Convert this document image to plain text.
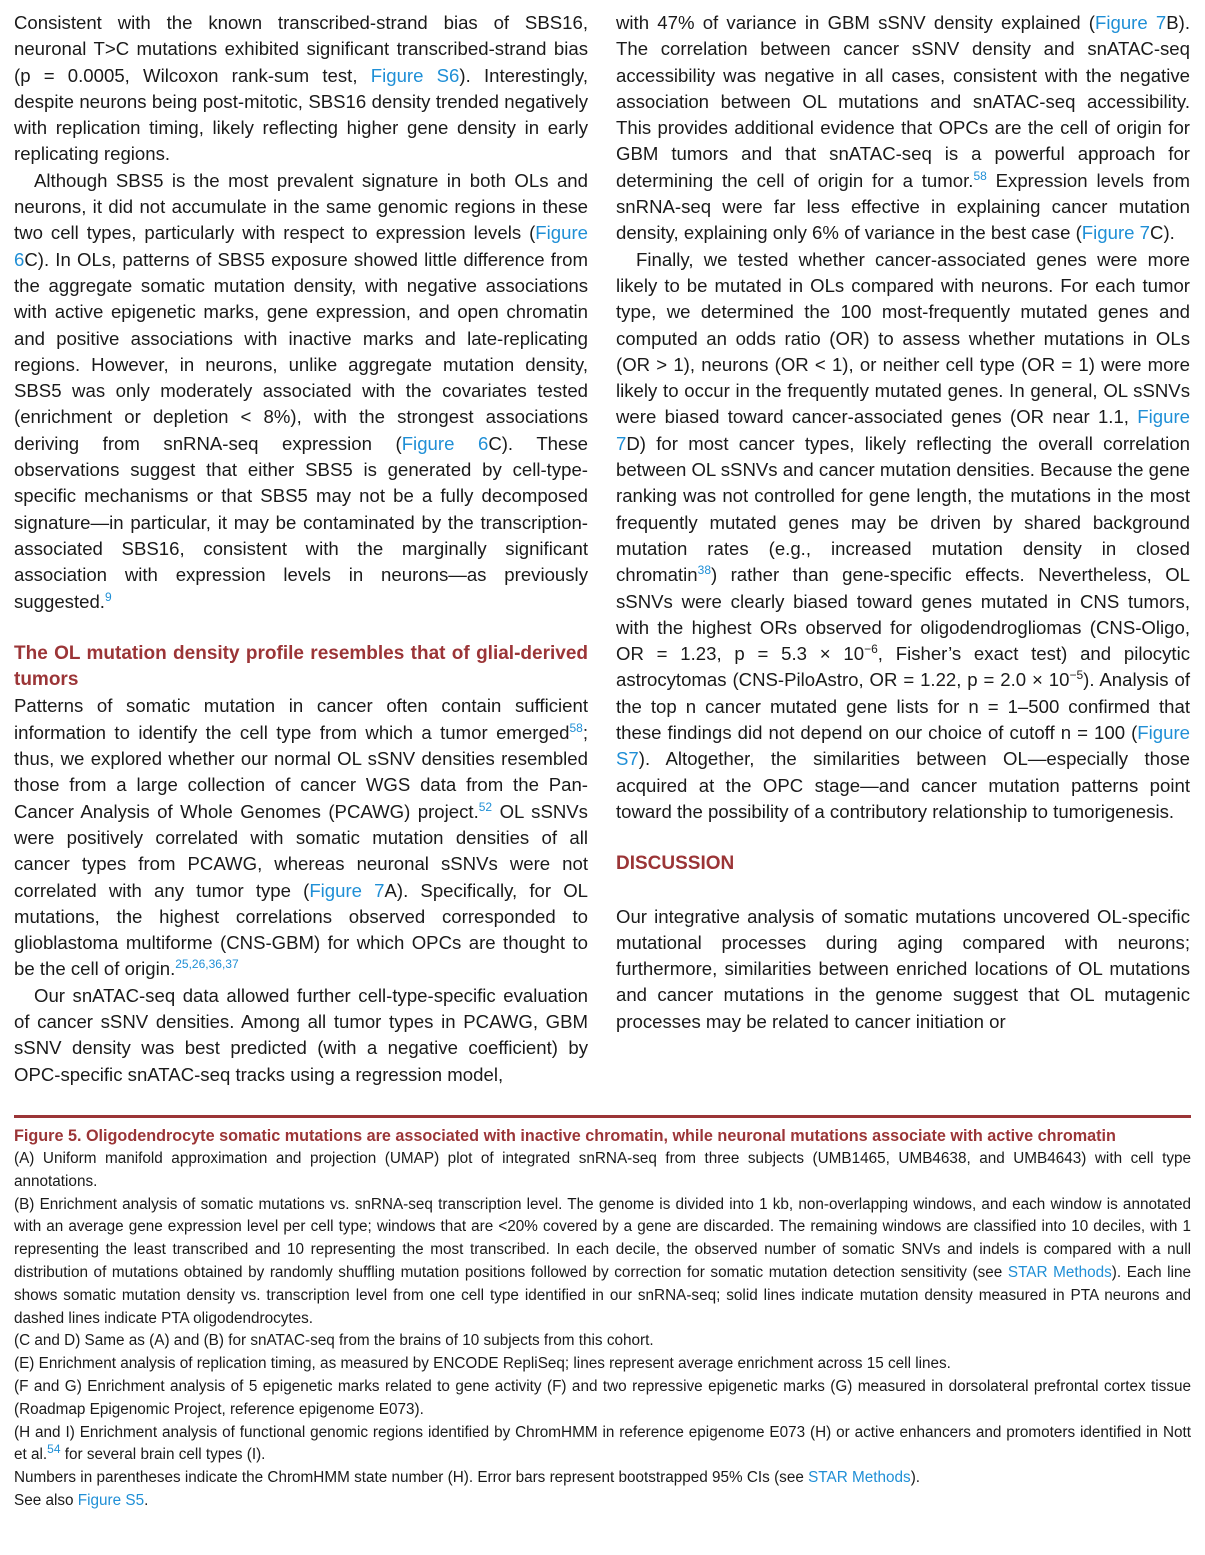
Consistent with the known transcribed-strand bias of SBS16, neuronal T>C mutations exhibited significant transcribed-strand bias (p = 0.0005, Wilcoxon rank-sum test, Figure S6). Interestingly, despite neurons being post-mitotic, SBS16 density trended negatively with replication timing, likely reflecting higher gene density in early replicating regions.

Although SBS5 is the most prevalent signature in both OLs and neurons, it did not accumulate in the same genomic regions in these two cell types, particularly with respect to expression levels (Figure 6C). In OLs, patterns of SBS5 exposure showed little difference from the aggregate somatic mutation density, with negative associations with active epigenetic marks, gene expression, and open chromatin and positive associations with inactive marks and late-replicating regions. However, in neurons, unlike aggregate mutation density, SBS5 was only moderately associated with the covariates tested (enrichment or depletion < 8%), with the strongest associations deriving from snRNA-seq expression (Figure 6C). These observations suggest that either SBS5 is generated by cell-type-specific mechanisms or that SBS5 may not be a fully decomposed signature—in particular, it may be contaminated by the transcription-associated SBS16, consistent with the marginally significant association with expression levels in neurons—as previously suggested.$^9$

The OL mutation density profile resembles that of glial-derived tumors

Patterns of somatic mutation in cancer often contain sufficient information to identify the cell type from which a tumor emerged$^{58}$; thus, we explored whether our normal OL sSNV densities resembled those from a large collection of cancer WGS data from the Pan-Cancer Analysis of Whole Genomes (PCAWG) project.$^{52}$ OL sSNVs were positively correlated with somatic mutation densities of all cancer types from PCAWG, whereas neuronal sSNVs were not correlated with any tumor type (Figure 7A). Specifically, for OL mutations, the highest correlations observed corresponded to glioblastoma multiforme (CNS-GBM) for which OPCs are thought to be the cell of origin.$^{25,26,36,37}$

Our snATAC-seq data allowed further cell-type-specific evaluation of cancer sSNV densities. Among all tumor types in PCAWG, GBM sSNV density was best predicted (with a negative coefficient) by OPC-specific snATAC-seq tracks using a regression model,

with 47% of variance in GBM sSNV density explained (Figure 7B). The correlation between cancer sSNV density and snATAC-seq accessibility was negative in all cases, consistent with the negative association between OL mutations and snATAC-seq accessibility. This provides additional evidence that OPCs are the cell of origin for GBM tumors and that snATAC-seq is a powerful approach for determining the cell of origin for a tumor.$^{58}$ Expression levels from snRNA-seq were far less effective in explaining cancer mutation density, explaining only 6% of variance in the best case (Figure 7C).

Finally, we tested whether cancer-associated genes were more likely to be mutated in OLs compared with neurons. For each tumor type, we determined the 100 most-frequently mutated genes and computed an odds ratio (OR) to assess whether mutations in OLs (OR > 1), neurons (OR < 1), or neither cell type (OR = 1) were more likely to occur in the frequently mutated genes. In general, OL sSNVs were biased toward cancer-associated genes (OR near 1.1, Figure 7D) for most cancer types, likely reflecting the overall correlation between OL sSNVs and cancer mutation densities. Because the gene ranking was not controlled for gene length, the mutations in the most frequently mutated genes may be driven by shared background mutation rates (e.g., increased mutation density in closed chromatin$^{38}$) rather than gene-specific effects. Nevertheless, OL sSNVs were clearly biased toward genes mutated in CNS tumors, with the highest ORs observed for oligodendrogliomas (CNS-Oligo, OR = 1.23, $p = 5.3 \times 10^{-6}$, Fisher’s exact test) and pilocytic astrocytomas (CNS-PiloAstro, OR = 1.22, $p = 2.0 \times 10^{-5}$). Analysis of the top n cancer mutated gene lists for n = 1–500 confirmed that these findings did not depend on our choice of cutoff n = 100 (Figure S7). Altogether, the similarities between OL—especially those acquired at the OPC stage—and cancer mutation patterns point toward the possibility of a contributory relationship to tumorigenesis.

DISCUSSION

Our integrative analysis of somatic mutations uncovered OL-specific mutational processes during aging compared with neurons; furthermore, similarities between enriched locations of OL mutations and cancer mutations in the genome suggest that OL mutagenic processes may be related to cancer initiation or

Figure 5. Oligodendrocyte somatic mutations are associated with inactive chromatin, while neuronal mutations associate with active chromatin

(A) Uniform manifold approximation and projection (UMAP) plot of integrated snRNA-seq from three subjects (UMB1465, UMB4638, and UMB4643) with cell type annotations.

(B) Enrichment analysis of somatic mutations vs. snRNA-seq transcription level. The genome is divided into 1 kb, non-overlapping windows, and each window is annotated with an average gene expression level per cell type; windows that are <20% covered by a gene are discarded. The remaining windows are classified into 10 deciles, with 1 representing the least transcribed and 10 representing the most transcribed. In each decile, the observed number of somatic SNVs and indels is compared with a null distribution of mutations obtained by randomly shuffling mutation positions followed by correction for somatic mutation detection sensitivity (see STAR Methods). Each line shows somatic mutation density vs. transcription level from one cell type identified in our snRNA-seq; solid lines indicate mutation density measured in PTA neurons and dashed lines indicate PTA oligodendrocytes.

(C and D) Same as (A) and (B) for snATAC-seq from the brains of 10 subjects from this cohort.

(E) Enrichment analysis of replication timing, as measured by ENCODE RepliSeq; lines represent average enrichment across 15 cell lines.

(F and G) Enrichment analysis of 5 epigenetic marks related to gene activity (F) and two repressive epigenetic marks (G) measured in dorsolateral prefrontal cortex tissue (Roadmap Epigenomic Project, reference epigenome E073).

(H and I) Enrichment analysis of functional genomic regions identified by ChromHMM in reference epigenome E073 (H) or active enhancers and promoters identified in Nott et al.$^{54}$ for several brain cell types (I).

Numbers in parentheses indicate the ChromHMM state number (H). Error bars represent bootstrapped 95% CIs (see STAR Methods).

See also Figure S5.
